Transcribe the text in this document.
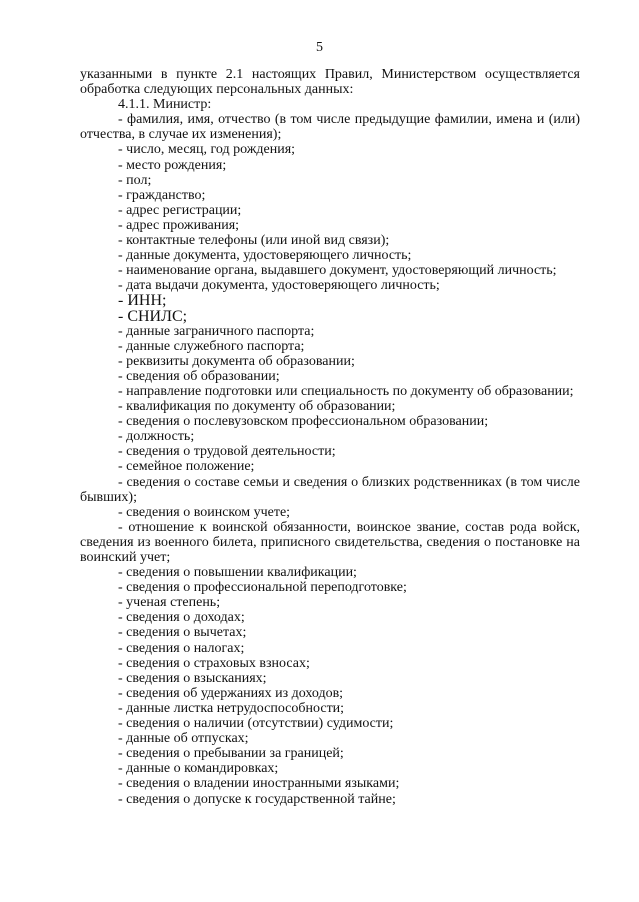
5

указанными в пункте 2.1 настоящих Правил, Министерством осуществляется обработка следующих персональных данных:

4.1.1. Министр:

- фамилия, имя, отчество (в том числе предыдущие фамилии, имена и (или) отчества, в случае их изменения);

- число, месяц, год рождения;

- место рождения;

- пол;

- гражданство;

- адрес регистрации;

- адрес проживания;

- контактные телефоны (или иной вид связи);

- данные документа, удостоверяющего личность;

- наименование органа, выдавшего документ, удостоверяющий личность;

- дата выдачи документа, удостоверяющего личность;

- ИНН;

- СНИЛС;

- данные заграничного паспорта;

- данные служебного паспорта;

- реквизиты документа об образовании;

- сведения об образовании;

- направление подготовки или специальность по документу об образовании;

- квалификация по документу об образовании;

- сведения о послевузовском профессиональном образовании;

- должность;

- сведения о трудовой деятельности;

- семейное положение;

- сведения о составе семьи и сведения о близких родственниках (в том числе бывших);

- сведения о воинском учете;

- отношение к воинской обязанности, воинское звание, состав рода войск, сведения из военного билета, приписного свидетельства, сведения о постановке на воинский учет;

- сведения о повышении квалификации;

- сведения о профессиональной переподготовке;

- ученая степень;

- сведения о доходах;

- сведения о вычетах;

- сведения о налогах;

- сведения о страховых взносах;

- сведения о взысканиях;

- сведения об удержаниях из доходов;

- данные листка нетрудоспособности;

- сведения о наличии (отсутствии) судимости;

- данные об отпусках;

- сведения о пребывании за границей;

- данные о командировках;

- сведения о владении иностранными языками;

- сведения о допуске к государственной тайне;
